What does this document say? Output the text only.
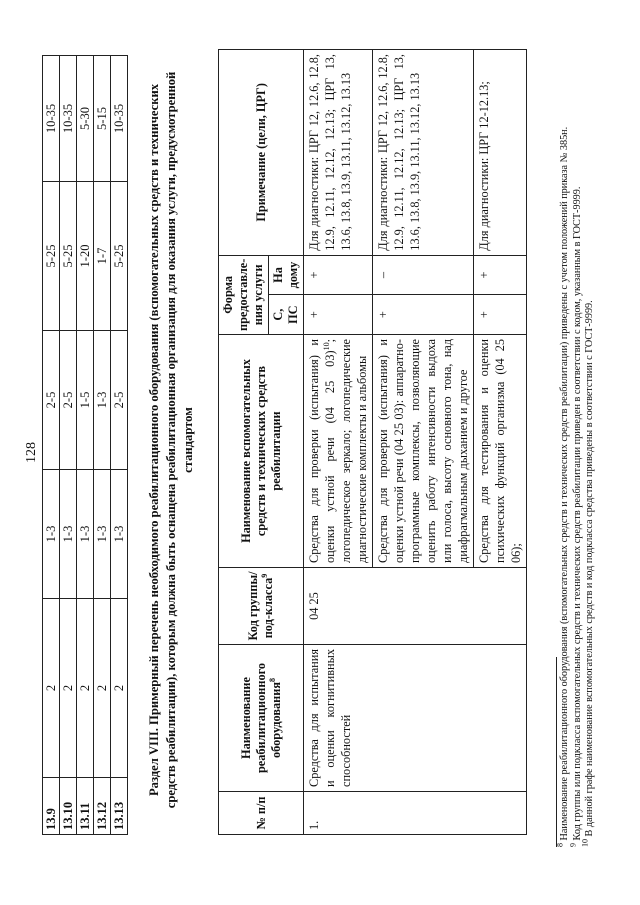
128
13.9	2	1-3	2-5	5-25	10-35
13.10	2	1-3	2-5	5-25	10-35
13.11	2	1-3	1-5	1-20	5-30
13.12	2	1-3	1-3	1-7	5-15
13.13	2	1-3	2-5	5-25	10-35 Раздел VIII. Примерный перечень необходимого реабилитационного оборудования (вспомогательных средств и технических средств реабилитации), которым должна быть оснащена реабилитационная организация для оказания услуги, предусмотренной стандартом
№ п/п	Наименование реабилитационного оборудования$^8$	Код группы/под-класса$^9$	Наименование вспомогательных средств и технических средств реабилитации	Форма предоставле-ния услуги		Примечание (цели, ЦРГ)
				С, ПС	На дому	
1.	Средства для испытания и оценки когнитивных способностей	04 25	Средства для проверки (испытания) и оценки устной речи (04 25 03)$^{10}$; логопедическое зеркало; логопедические диагностические комплекты и альбомы	+	+	Для диагностики: ЦРГ 12, 12.6, 12.8, 12.9, 12.11, 12.12, 12.13; ЦРГ 13, 13.6, 13.8, 13.9, 13.11, 13.12, 13.13
			Средства для проверки (испытания) и оценки устной речи (04 25 03): аппаратно-программные комплексы, позволяющие оценить работу интенсивности выдоха или голоса, высоту основного тона, над диафрагмальным дыханием и другое	+	–	Для диагностики: ЦРГ 12, 12.6, 12.8, 12.9, 12.11, 12.12, 12.13; ЦРГ 13, 13.6, 13.8, 13.9, 13.11, 13.12, 13.13
			Средства для тестирования и оценки психических функций организма (04 25 06);	+	+	Для диагностики: ЦРГ 12-12.13;
$^8$ Наименование реабилитационного оборудования (вспомогательных средств и технических средств реабилитации) приведены с учетом положений приказа № 385н.
$^9$ Код группы или подкласса вспомогательных средств и технических средств реабилитации приведен в соответствии с кодом, указанным в ГОСТ-9999.
$^{10}$ В данной графе наименование вспомогательных средств и код подкласса средства приведены в соответствии с ГОСТ-9999.
